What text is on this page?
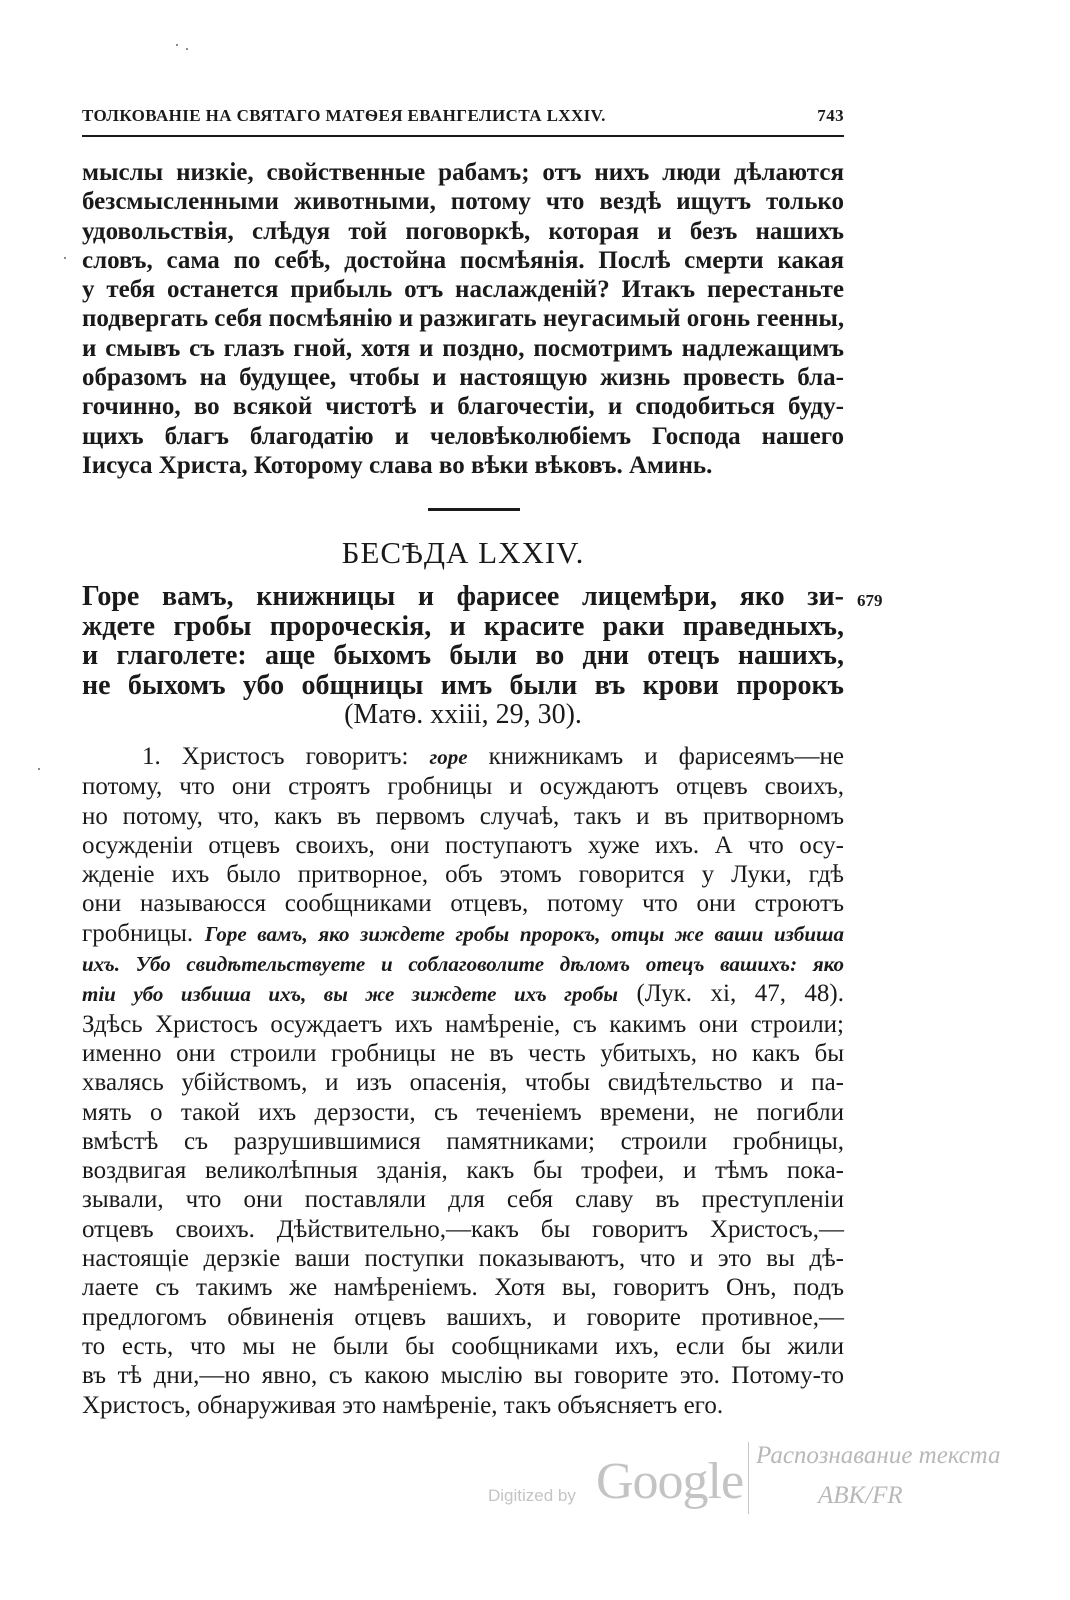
ТОЛКОВАНІЕ НА СВЯТАГО МАТѲЕЯ ЕВАНГЕЛИСТА LXXIV.	743
мыслы низкіе, свойственные рабамъ; отъ нихъ люди дѣлаются
безсмысленными животными, потому что вездѣ ищутъ только
удовольствія, слѣдуя той поговоркѣ, которая и безъ нашихъ
словъ, сама по себѣ, достойна посмѣянія. Послѣ смерти какая
у тебя останется прибыль отъ наслажденій? Итакъ перестаньте
подвергать себя посмѣянію и разжигать неугасимый огонь геенны,
и смывъ съ глазъ гной, хотя и поздно, посмотримъ надлежащимъ
образомъ на будущее, чтобы и настоящую жизнь провесть бла-
гочинно, во всякой чистотѣ и благочестіи, и сподобиться буду-
щихъ благъ благодатію и человѣколюбіемъ Господа нашего
Іисуса Христа, Которому слава во вѣки вѣковъ. Аминь.
БЕСѢДА LXXIV.
679
Горе вамъ, книжницы и фарисее лицемѣри, яко зи-
ждете гробы пророческія, и красите раки праведныхъ,
и глаголете: аще быхомъ были во дни отецъ нашихъ,
не быхомъ убо общницы имъ были въ крови пророкъ
(Матѳ. xxiii, 29, 30).
1. Христосъ говоритъ: горе книжникамъ и фарисеямъ—не
потому, что они строятъ гробницы и осуждаютъ отцевъ своихъ,
но потому, что, какъ въ первомъ случаѣ, такъ и въ притворномъ
осужденіи отцевъ своихъ, они поступаютъ хуже ихъ. А что осу-
жденіе ихъ было притворное, объ этомъ говорится у Луки, гдѣ
они называюсся сообщниками отцевъ, потому что они строютъ
гробницы. Горе вамъ, яко зиждете гробы пророкъ, отцы же ваши избиша
ихъ. Убо свидѣтельствуете и соблаговолите дѣломъ отецъ вашихъ: яко
тіи убо избиша ихъ, вы же зиждете ихъ гробы (Лук. xi, 47, 48).
Здѣсь Христосъ осуждаетъ ихъ намѣреніе, съ какимъ они строили;
именно они строили гробницы не въ честь убитыхъ, но какъ бы
хвалясь убійствомъ, и изъ опасенія, чтобы свидѣтельство и па-
мять о такой ихъ дерзости, съ теченіемъ времени, не погибли
вмѣстѣ съ разрушившимися памятниками; строили гробницы,
воздвигая великолѣпныя зданія, какъ бы трофеи, и тѣмъ пока-
зывали, что они поставляли для себя славу въ преступленіи
отцевъ своихъ. Дѣйствительно,—какъ бы говоритъ Христосъ,—
настоящіе дерзкіе ваши поступки показываютъ, что и это вы дѣ-
лаете съ такимъ же намѣреніемъ. Хотя вы, говоритъ Онъ, подъ
предлогомъ обвиненія отцевъ вашихъ, и говорите противное,—
то есть, что мы не были бы сообщниками ихъ, если бы жили
въ тѣ дни,—но явно, съ какою мыслію вы говорите это. Потому-то
Христосъ, обнаруживая это намѣреніе, такъ объясняетъ его.
Digitized by Google Распознавание текста
ABK/FR
